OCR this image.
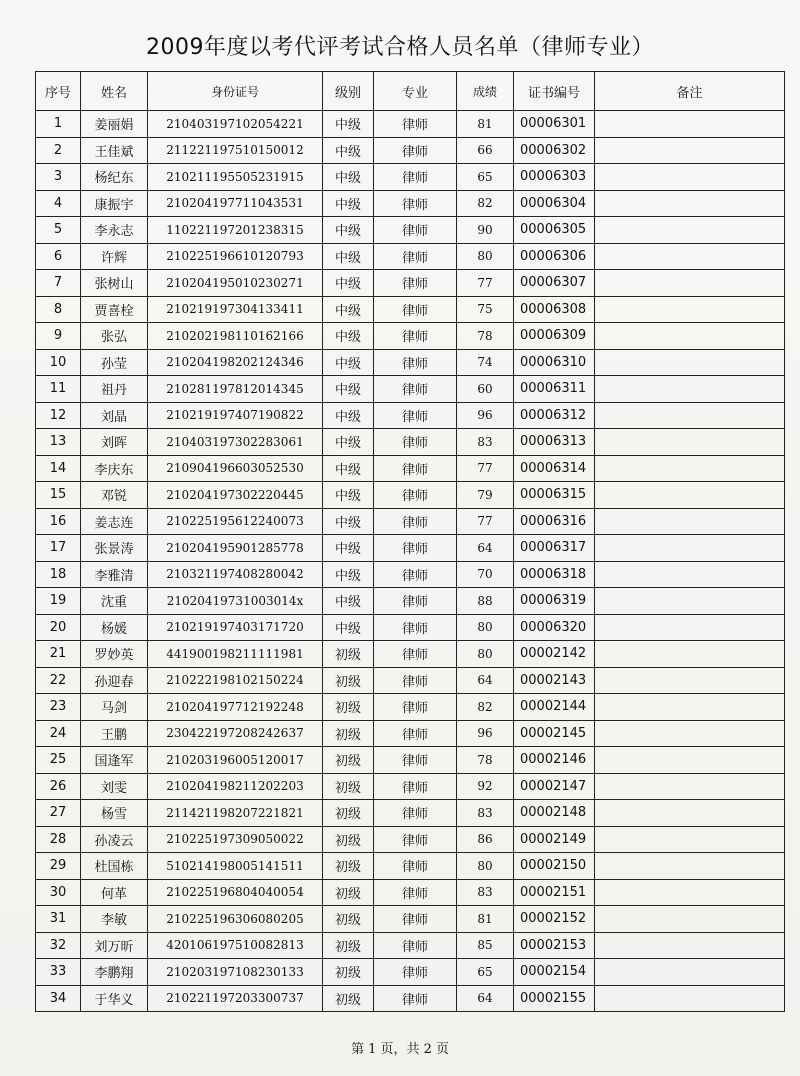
2009年度以考代评考试合格人员名单（律师专业）
序号	姓名	身份证号	级别	专业	成绩	证书编号	备注
1	姜丽娟	210403197102054221	中级	律师	81	00006301	
2	王佳斌	211221197510150012	中级	律师	66	00006302	
3	杨纪东	210211195505231915	中级	律师	65	00006303	
4	康振宇	210204197711043531	中级	律师	82	00006304	
5	李永志	110221197201238315	中级	律师	90	00006305	
6	许辉	210225196610120793	中级	律师	80	00006306	
7	张树山	210204195010230271	中级	律师	77	00006307	
8	贾喜栓	210219197304133411	中级	律师	75	00006308	
9	张弘	210202198110162166	中级	律师	78	00006309	
10	孙莹	210204198202124346	中级	律师	74	00006310	
11	祖丹	210281197812014345	中级	律师	60	00006311	
12	刘晶	210219197407190822	中级	律师	96	00006312	
13	刘晖	210403197302283061	中级	律师	83	00006313	
14	李庆东	210904196603052530	中级	律师	77	00006314	
15	邓锐	210204197302220445	中级	律师	79	00006315	
16	姜志连	210225195612240073	中级	律师	77	00006316	
17	张景涛	210204195901285778	中级	律师	64	00006317	
18	李雅清	210321197408280042	中级	律师	70	00006318	
19	沈重	21020419731003014x	中级	律师	88	00006319	
20	杨媛	210219197403171720	中级	律师	80	00006320	
21	罗妙英	441900198211111981	初级	律师	80	00002142	
22	孙迎春	210222198102150224	初级	律师	64	00002143	
23	马剑	210204197712192248	初级	律师	82	00002144	
24	王鹏	230422197208242637	初级	律师	96	00002145	
25	国逢军	210203196005120017	初级	律师	78	00002146	
26	刘雯	210204198211202203	初级	律师	92	00002147	
27	杨雪	211421198207221821	初级	律师	83	00002148	
28	孙凌云	210225197309050022	初级	律师	86	00002149	
29	杜国栋	510214198005141511	初级	律师	80	00002150	
30	何革	210225196804040054	初级	律师	83	00002151	
31	李敏	210225196306080205	初级	律师	81	00002152	
32	刘万昕	420106197510082813	初级	律师	85	00002153	
33	李鹏翔	210203197108230133	初级	律师	65	00002154	
34	于华义	210221197203300737	初级	律师	64	00002155	
第 1 页，共 2 页
